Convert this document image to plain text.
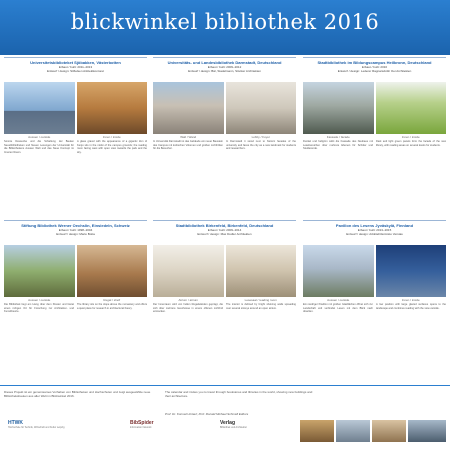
blickwinkel bibliothek 2016
Universitetsbiblioteket Sjöbakken, Västerbotten
Erbaut / built: 2011–2013
Entwurf / design: Stiftelsen Arkitektkontoret
Aussen / outside	Innen / inside

Sonnte Dessenbe und die Schaltung der Bauten Neustbibliotheken und Neuen Lesungen der Universität für die Bibliothekens Aussen Welt und das Neue Konzept im Inneren Raum.

A glass gravel with the appearance of a gigantic Zen of Kenjo sits in the midst of the campus grounds; the reading room facing west with open view towards the park and the sky.

Universitäts- und Landesbibliothek Darmstadt, Deutschland
Erbaut / built: 2009–2012
Entwurf / design: Bär, Stadelmann, Stöcker Architekten
Wall / Wand	Lobby / Foyer

In Universität Darmstadt ist das Gebäude ein neuer Baustein des Campus mit kubischen Volumen und großen Lichthöfen für die Besucher.

In Darmstadt it stood next to historic facades of the university and faces the city as a new landmark for students and researchers.

Stadtbibliothek im Bildungscampus Heilbronn, Deutschland
Erbaut / built: 2016
Entwurf / design: Lederer Ragnarsdóttir Oei Architekten
Fassade / facade	Innen / inside

Dunkel und hellgrün wirkt die Fassade des Neubaus mit Lesebereichen über mehrere Ebenen für Schüler und Studierende.

Dark and light green panels form the facade of the new library, with reading areas on several levels for students.

Stiftung Bibliothek Werner Oechslin, Einsiedeln, Schweiz
Erbaut / built: 1998–2004
Entwurf / design: Mario Botta
Aussen / outside	Regal / shelf

Die Bibliothek liegt am Hang über dem Kloster und bietet einen ruhigen Ort für Forschung zur Architektur- und Kunsttheorie.

The library sits on the slope above the monastery and offers a quiet place for research in architectural theory.

Stadtbibliothek Birkenfeld, Birkenfeld, Deutschland
Erbaut / built: 2009–2014
Entwurf / design: Max Dudler Architekten
Atrium / atrium	Lesesaal / reading room

Der Innenraum wird von hellen Regalwänden geprägt, die sich über mehrere Geschosse in einem offenen Lichthof erstrecken.

The interior is defined by bright shelving walls spreading over several storeys around an open atrium.

Pavillon des Lesens Jyväskylä, Finnland
Erbaut / built: 2013–2015
Entwurf / design: Arkkitehtitoimisto Verstas
Aussen / outside	Innen / inside

Ein niedriger Pavillon mit großen Glasflächen öffnet sich zur Landschaft und verbindet Lesen mit dem Blick nach draußen.

A low pavilion with large glazed surfaces opens to the landscape and combines reading with the view outside.

Dieses Projekt ist ein gemeinsames Vorhaben von Bibliotheken und Hochschulen und zeigt ausgewählte neue Bibliotheksbauten aus aller Welt im Blickwinkel 2016.
The calendar and invites you to travel through bookstores and libraries in the world, showing new buildings and their architecture.
Prof. Dr. Konrad Umlauf, Prof. Ronald Michael Schmidt Editors
HTWK
Hochschule für Technik, Wirtschaft und Kultur Leipzig
BibSpider
Information Network
Verlag
Bibliothek und Architektur
